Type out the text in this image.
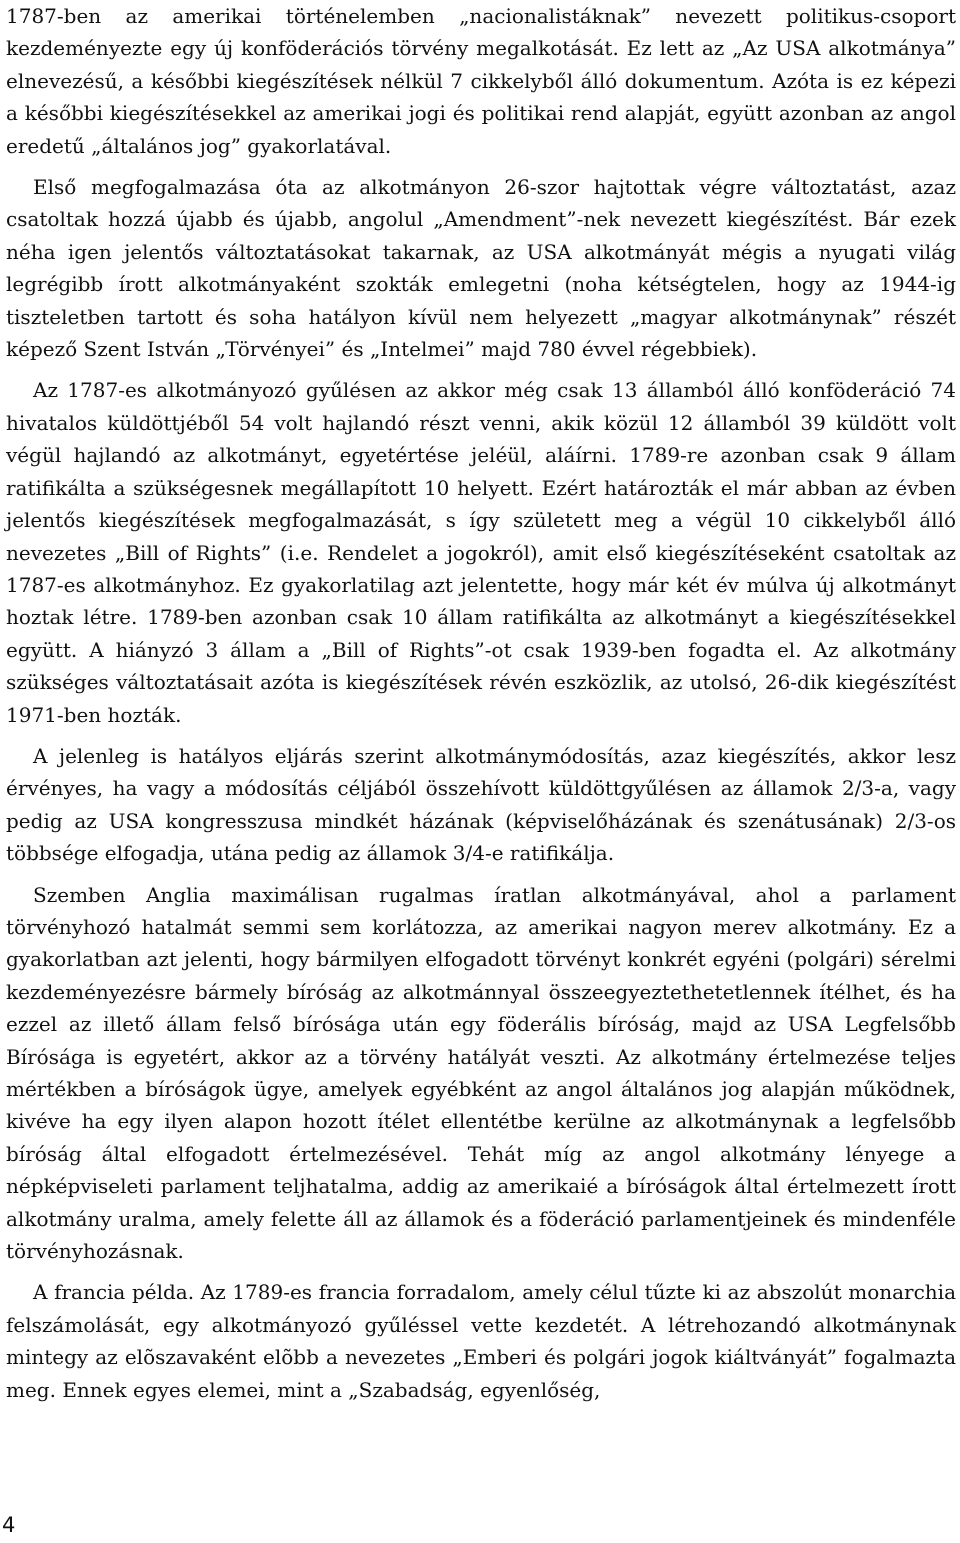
1787-ben az amerikai történelemben „nacionalistáknak” nevezett politikus-csoport kezdeményezte egy új konföderációs törvény megalkotását. Ez lett az „Az USA alkotmánya” elnevezésű, a későbbi kiegészítések nélkül 7 cikkelyből álló dokumentum. Azóta is ez képezi a későbbi kiegészítésekkel az amerikai jogi és politikai rend alapját, együtt azonban az angol eredetű „általános jog” gyakorlatával.

Első megfogalmazása óta az alkotmányon 26-szor hajtottak végre változtatást, azaz csatoltak hozzá újabb és újabb, angolul „Amendment”-nek nevezett kiegészítést. Bár ezek néha igen jelentős változtatásokat takarnak, az USA alkotmányát mégis a nyugati világ legrégibb írott alkotmányaként szokták emlegetni (noha kétségtelen, hogy az 1944-ig tiszteletben tartott és soha hatályon kívül nem helyezett „magyar alkotmánynak” részét képező Szent István „Törvényei” és „Intelmei” majd 780 évvel régebbiek).

Az 1787-es alkotmányozó gyűlésen az akkor még csak 13 államból álló konföderáció 74 hivatalos küldöttjéből 54 volt hajlandó részt venni, akik közül 12 államból 39 küldött volt végül hajlandó az alkotmányt, egyetértése jeléül, aláírni. 1789-re azonban csak 9 állam ratifikálta a szükségesnek megállapított 10 helyett. Ezért határozták el már abban az évben jelentős kiegészítések megfogalmazását, s így született meg a végül 10 cikkelyből álló nevezetes „Bill of Rights” (i.e. Rendelet a jogokról), amit első kiegészítéseként csatoltak az 1787-es alkotmányhoz. Ez gyakorlatilag azt jelentette, hogy már két év múlva új alkotmányt hoztak létre. 1789-ben azonban csak 10 állam ratifikálta az alkotmányt a kiegészítésekkel együtt. A hiányzó 3 állam a „Bill of Rights”-ot csak 1939-ben fogadta el. Az alkotmány szükséges változtatásait azóta is kiegészítések révén eszközlik, az utolsó, 26-dik kiegészítést 1971-ben hozták.

A jelenleg is hatályos eljárás szerint alkotmánymódosítás, azaz kiegészítés, akkor lesz érvényes, ha vagy a módosítás céljából összehívott küldöttgyűlésen az államok 2/3-a, vagy pedig az USA kongresszusa mindkét házának (képviselőházának és szenátusának) 2/3-os többsége elfogadja, utána pedig az államok 3/4-e ratifikálja.

Szemben Anglia maximálisan rugalmas íratlan alkotmányával, ahol a parlament törvényhozó hatalmát semmi sem korlátozza, az amerikai nagyon merev alkotmány. Ez a gyakorlatban azt jelenti, hogy bármilyen elfogadott törvényt konkrét egyéni (polgári) sérelmi kezdeményezésre bármely bíróság az alkotmánnyal összeegyeztethetetlennek ítélhet, és ha ezzel az illető állam felső bírósága után egy föderális bíróság, majd az USA Legfelsőbb Bírósága is egyetért, akkor az a törvény hatályát veszti. Az alkotmány értelmezése teljes mértékben a bíróságok ügye, amelyek egyébként az angol általános jog alapján működnek, kivéve ha egy ilyen alapon hozott ítélet ellentétbe kerülne az alkotmánynak a legfelsőbb bíróság által elfogadott értelmezésével. Tehát míg az angol alkotmány lényege a népképviseleti parlament teljhatalma, addig az amerikaié a bíróságok által értelmezett írott alkotmány uralma, amely felette áll az államok és a föderáció parlamentjeinek és mindenféle törvényhozásnak.

A francia példa. Az 1789-es francia forradalom, amely célul tűzte ki az abszolút monarchia felszámolását, egy alkotmányozó gyűléssel vette kezdetét. A létrehozandó alkotmánynak mintegy az elõszavaként elõbb a nevezetes „Emberi és polgári jogok kiáltványát” fogalmazta meg. Ennek egyes elemei, mint a „Szabadság, egyenlőség,

4
